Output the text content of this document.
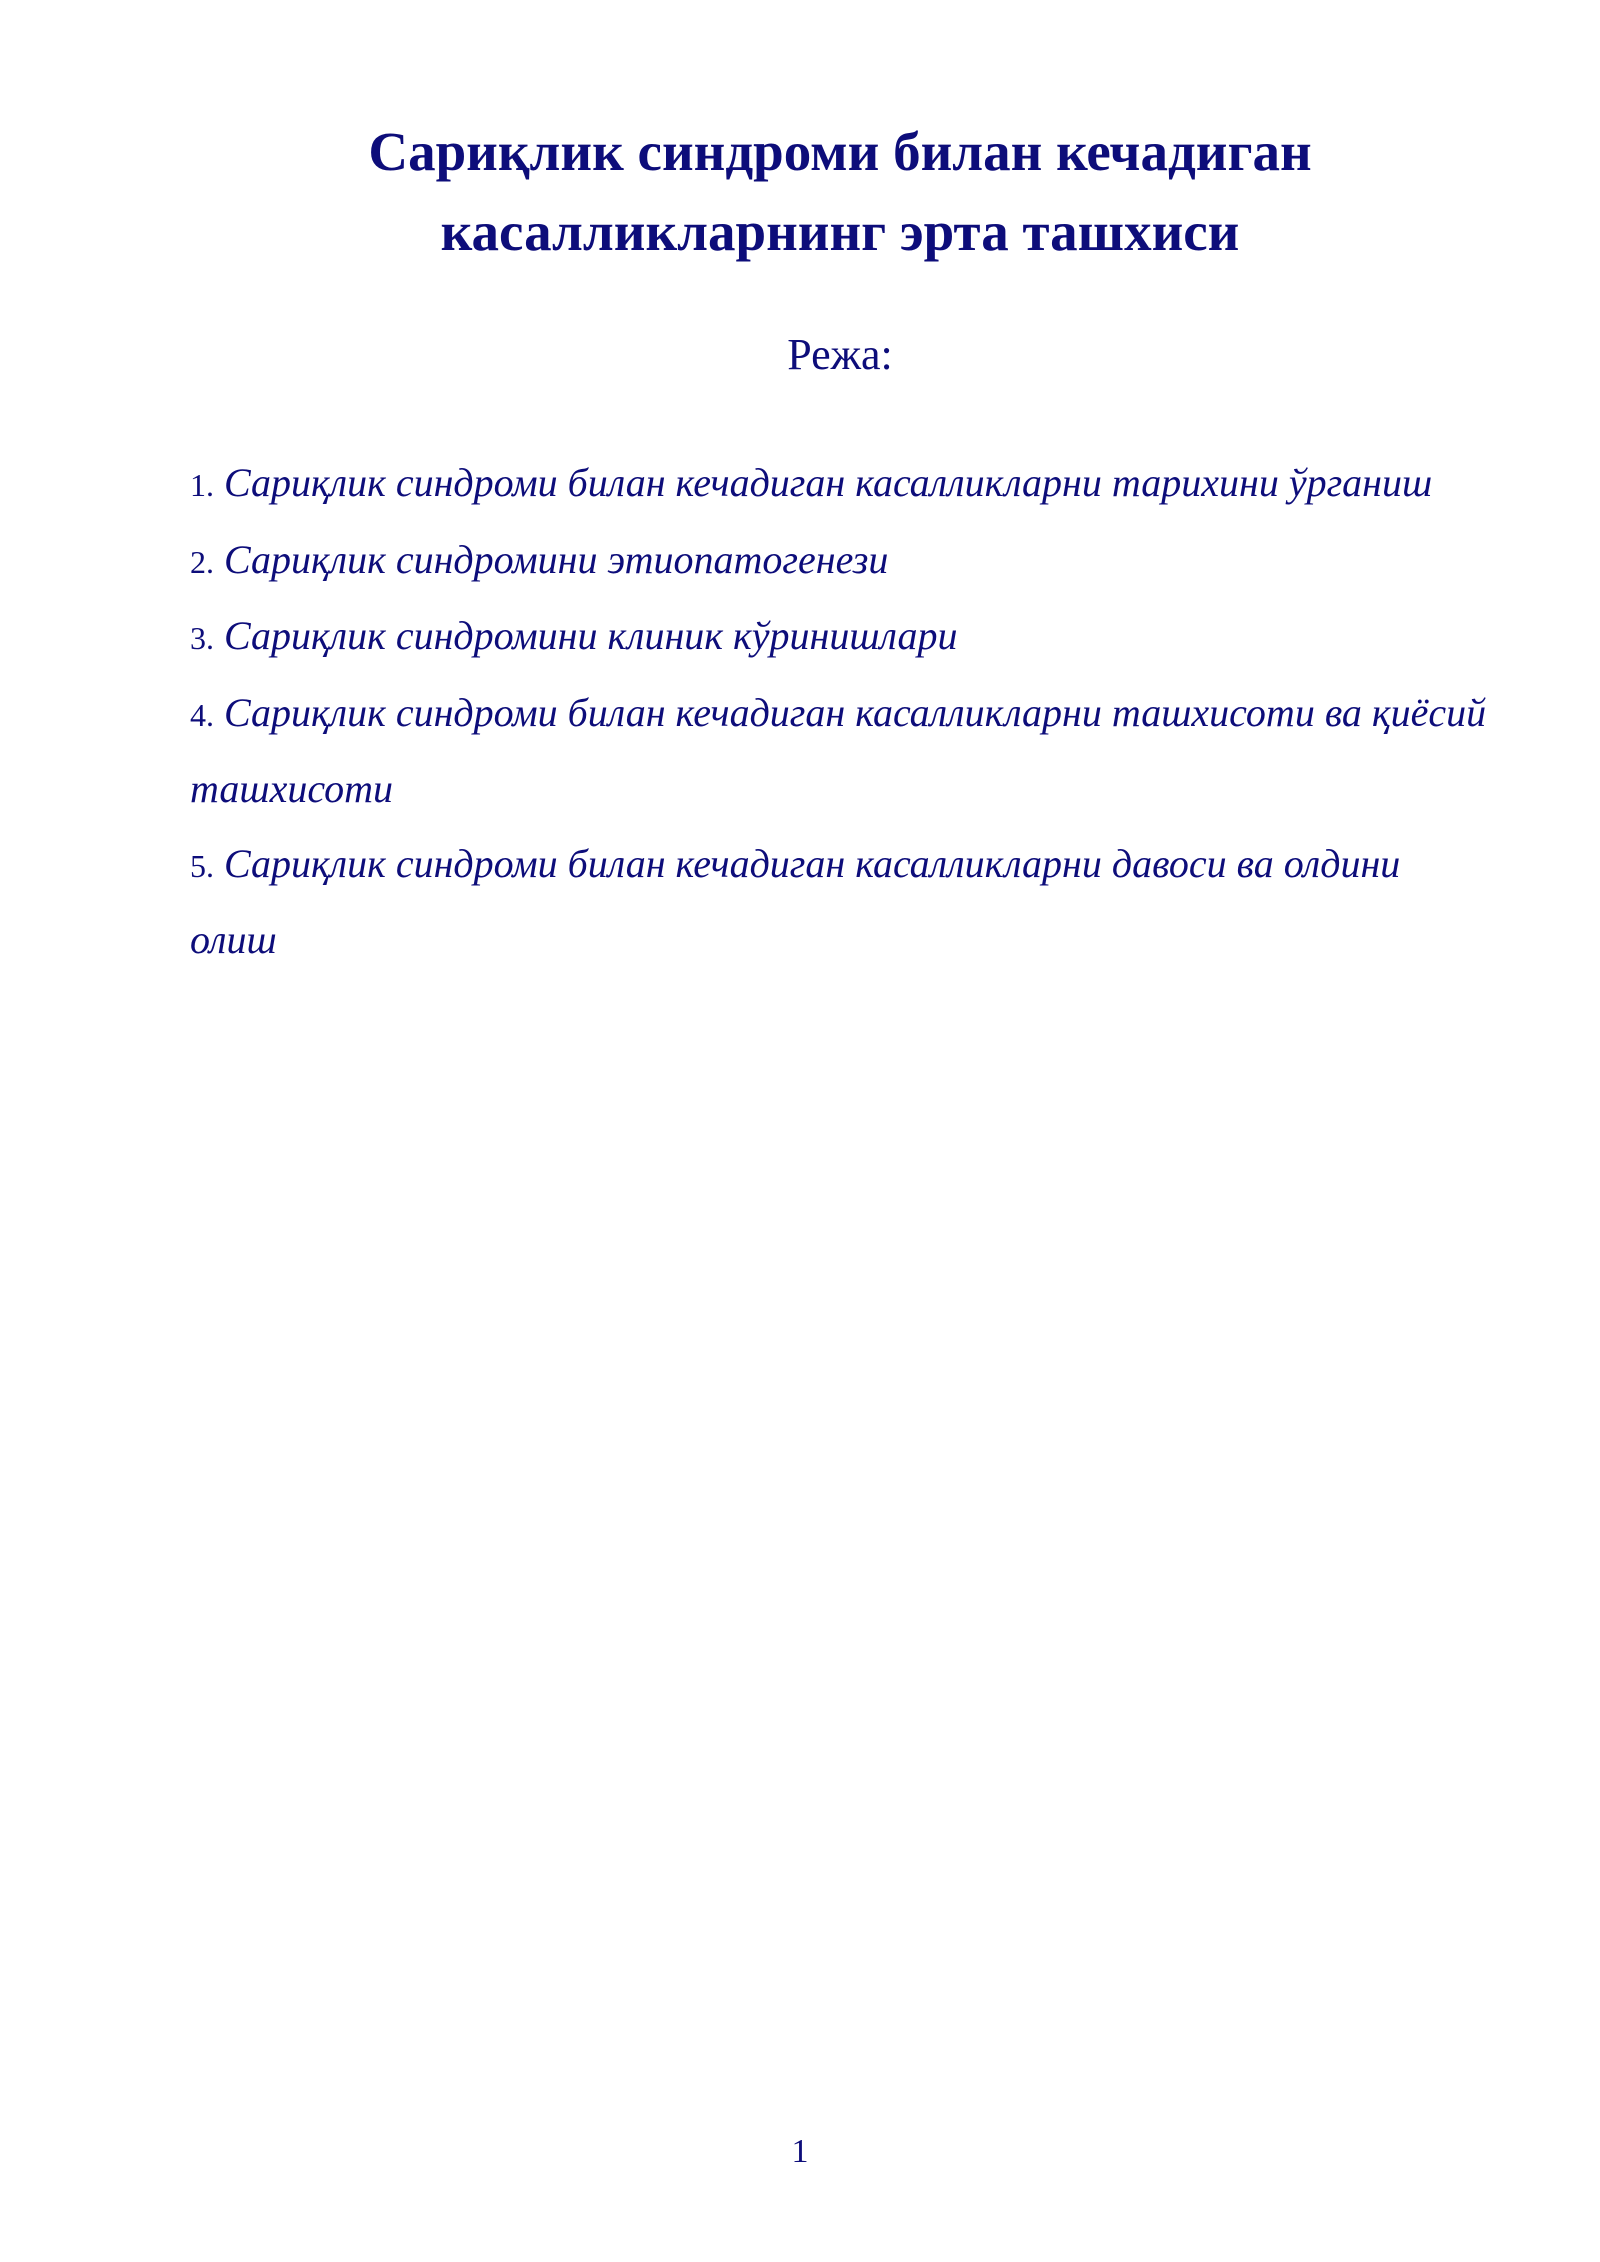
Сариқлик синдроми билан кечадиган
касалликларнинг эрта ташхиси
Режа:
1. Сариқлик синдроми билан кечадиган касалликларни тарихини ўрганиш
2. Сариқлик синдромини этиопатогенези
3. Сариқлик синдромини клиник кўринишлари
4. Сариқлик синдроми билан кечадиган касалликларни ташхисоти ва қиёсий ташхисоти
5. Сариқлик синдроми билан кечадиган касалликларни давоси ва олдини олиш
1
